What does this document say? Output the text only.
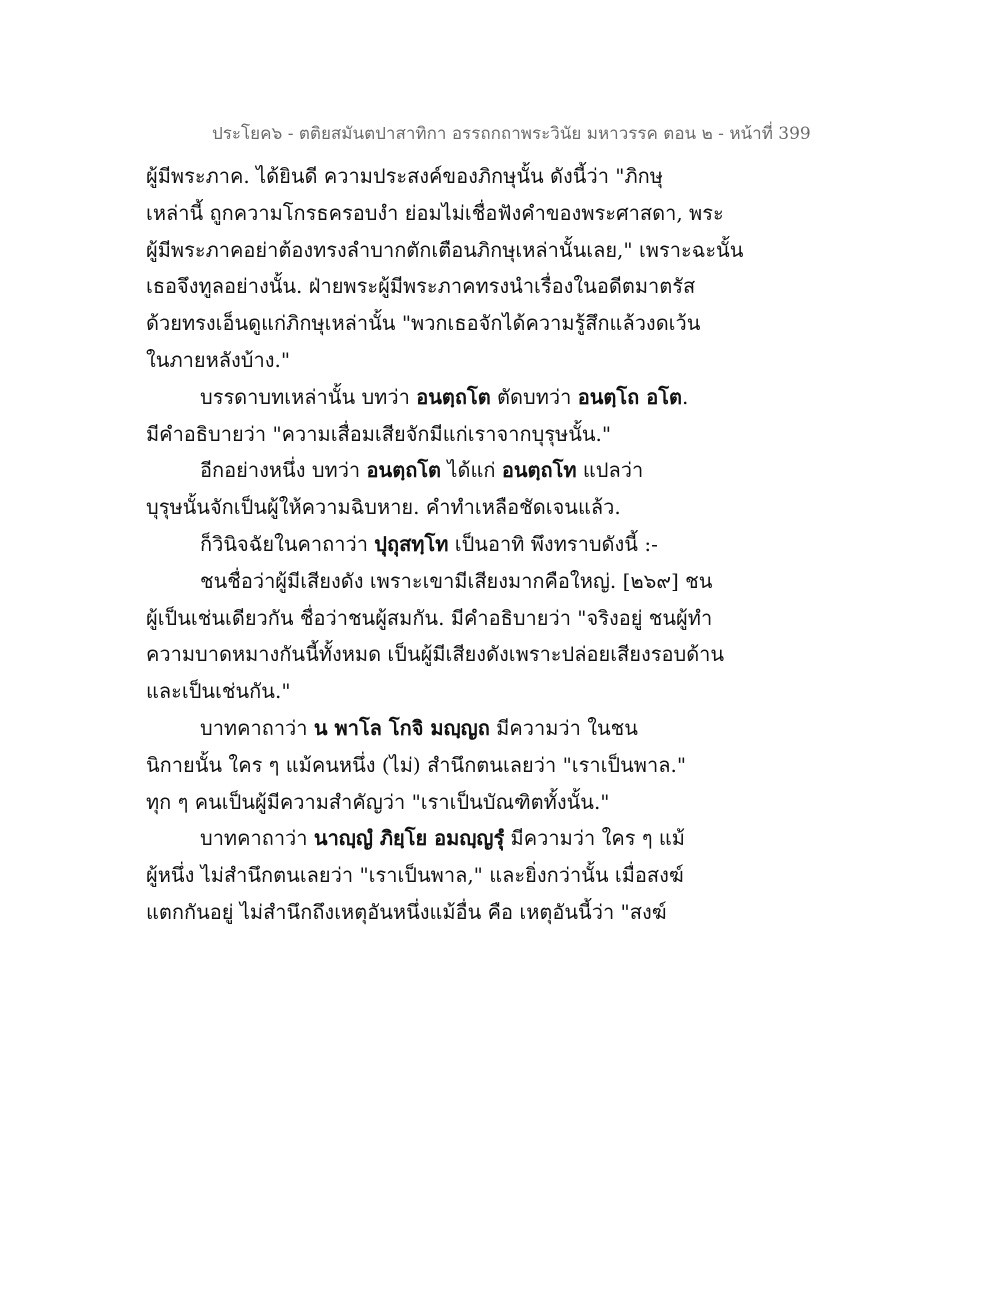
ประโยค๖ - ตติยสมันตปาสาทิกา อรรถกถาพระวินัย มหาวรรค ตอน ๒ - หน้าที่ 399
ผู้มีพระภาค. ได้ยินดี ความประสงค์ของภิกษุนั้น ดังนี้ว่า "ภิกษุ
เหล่านี้ ถูกความโกรธครอบงำ ย่อมไม่เชื่อฟังคำของพระศาสดา, พระ
ผู้มีพระภาคอย่าต้องทรงลำบากตักเตือนภิกษุเหล่านั้นเลย," เพราะฉะนั้น
เธอจึงทูลอย่างนั้น. ฝ่ายพระผู้มีพระภาคทรงนำเรื่องในอดีตมาตรัส
ด้วยทรงเอ็นดูแก่ภิกษุเหล่านั้น "พวกเธอจักได้ความรู้สึกแล้วงดเว้น
ในภายหลังบ้าง."
บรรดาบทเหล่านั้น บทว่า อนตฺถโต ตัดบทว่า อนตฺโถ อโต.
มีคำอธิบายว่า "ความเสื่อมเสียจักมีแก่เราจากบุรุษนั้น."
อีกอย่างหนึ่ง บทว่า อนตฺถโต ได้แก่ อนตฺถโท แปลว่า
บุรุษนั้นจักเป็นผู้ให้ความฉิบหาย. คำทำเหลือชัดเจนแล้ว.
ก็วินิจฉัยในคาถาว่า ปุถุสทฺโท เป็นอาทิ พึงทราบดังนี้ :-
ชนชื่อว่าผู้มีเสียงดัง เพราะเขามีเสียงมากคือใหญ่. [๒๖๙] ชน
ผู้เป็นเช่นเดียวกัน ชื่อว่าชนผู้สมกัน. มีคำอธิบายว่า "จริงอยู่ ชนผู้ทำ
ความบาดหมางกันนี้ทั้งหมด เป็นผู้มีเสียงดังเพราะปล่อยเสียงรอบด้าน
และเป็นเช่นกัน."
บาทคาถาว่า น พาโล โกจิ มญฺญถ มีความว่า ในชน
นิกายนั้น ใคร ๆ แม้คนหนึ่ง (ไม่) สำนึกตนเลยว่า "เราเป็นพาล."
ทุก ๆ คนเป็นผู้มีความสำคัญว่า "เราเป็นบัณฑิตทั้งนั้น."
บาทคาถาว่า นาญฺญํ ภิยฺโย อมญฺญรุํ มีความว่า ใคร ๆ แม้
ผู้หนึ่ง ไม่สำนึกตนเลยว่า "เราเป็นพาล," และยิ่งกว่านั้น เมื่อสงฆ์
แตกกันอยู่ ไม่สำนึกถึงเหตุอันหนึ่งแม้อื่น คือ เหตุอันนี้ว่า "สงฆ์
